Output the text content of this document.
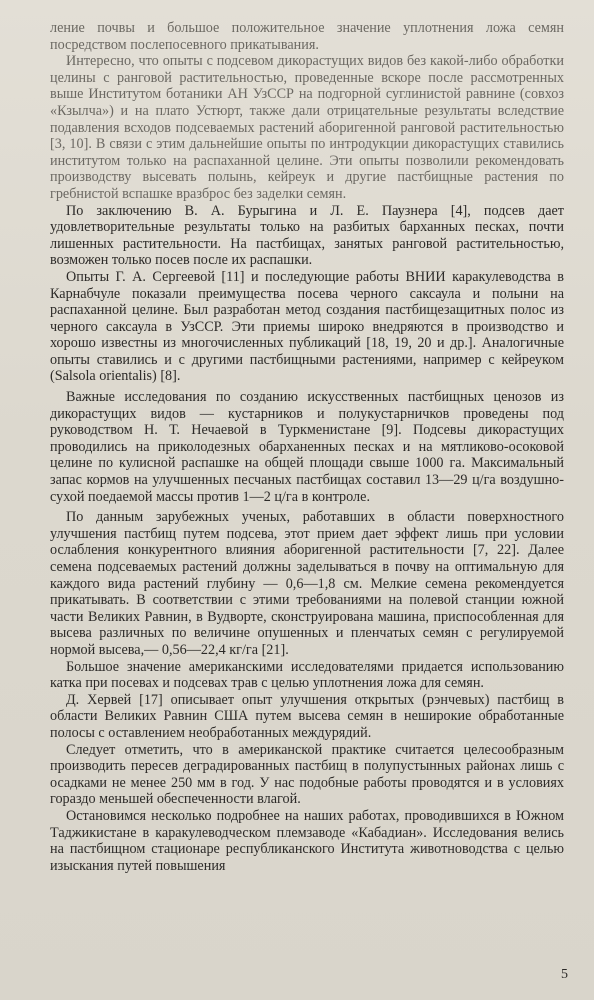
ление почвы и большое положительное значение уплотнения ложа семян посредством послепосевного прикатывания.

Интересно, что опыты с подсевом дикорастущих видов без какой-либо обработки целины с ранговой растительностью, проведенные вскоре после рассмотренных выше Институтом ботаники АН УзССР на подгорной суглинистой равнине (совхоз «Кзылча») и на плато Устюрт, также дали отрицательные результаты вследствие подавления всходов подсеваемых растений аборигенной ранговой растительностью [3, 10]. В связи с этим дальнейшие опыты по интродукции дикорастущих ставились институтом только на распаханной целине. Эти опыты позволили рекомендовать производству высевать полынь, кейреук и другие пастбищные растения по гребнистой вспашке вразброс без заделки семян.

По заключению В. А. Бурыгина и Л. Е. Паузнера [4], подсев дает удовлетворительные результаты только на разбитых барханных песках, почти лишенных растительности. На пастбищах, занятых ранговой растительностью, возможен только посев после их распашки.

Опыты Г. А. Сергеевой [11] и последующие работы ВНИИ каракулеводства в Карнабчуле показали преимущества посева черного саксаула и полыни на распаханной целине. Был разработан метод создания пастбищезащитных полос из черного саксаула в УзССР. Эти приемы широко внедряются в производство и хорошо известны из многочисленных публикаций [18, 19, 20 и др.]. Аналогичные опыты ставились и с другими пастбищными растениями, например с кейреуком (Salsola orientalis) [8].

Важные исследования по созданию искусственных пастбищных ценозов из дикорастущих видов — кустарников и полукустарничков проведены под руководством Н. Т. Нечаевой в Туркменистане [9]. Подсевы дикорастущих проводились на приколодезных обарханенных песках и на мятликово-осоковой целине по кулисной распашке на общей площади свыше 1000 га. Максимальный запас кормов на улучшенных песчаных пастбищах составил 13—29 ц/га воздушно-сухой поедаемой массы против 1—2 ц/га в контроле.

По данным зарубежных ученых, работавших в области поверхностного улучшения пастбищ путем подсева, этот прием дает эффект лишь при условии ослабления конкурентного влияния аборигенной растительности [7, 22]. Далее семена подсеваемых растений должны заделываться в почву на оптимальную для каждого вида растений глубину — 0,6—1,8 см. Мелкие семена рекомендуется прикатывать. В соответствии с этими требованиями на полевой станции южной части Великих Равнин, в Вудворте, сконструирована машина, приспособленная для высева различных по величине опушенных и пленчатых семян с регулируемой нормой высева,— 0,56—22,4 кг/га [21].

Большое значение американскими исследователями придается использованию катка при посевах и подсевах трав с целью уплотнения ложа для семян.

Д. Хервей [17] описывает опыт улучшения открытых (рэнчевых) пастбищ в области Великих Равнин США путем высева семян в неширокие обработанные полосы с оставлением необработанных междурядий.

Следует отметить, что в американской практике считается целесообразным производить пересев деградированных пастбищ в полупустынных районах лишь с осадками не менее 250 мм в год. У нас подобные работы проводятся и в условиях гораздо меньшей обеспеченности влагой.

Остановимся несколько подробнее на наших работах, проводившихся в Южном Таджикистане в каракулеводческом племзаводе «Кабадиан». Исследования велись на пастбищном стационаре республиканского Института животноводства с целью изыскания путей повышения

5
